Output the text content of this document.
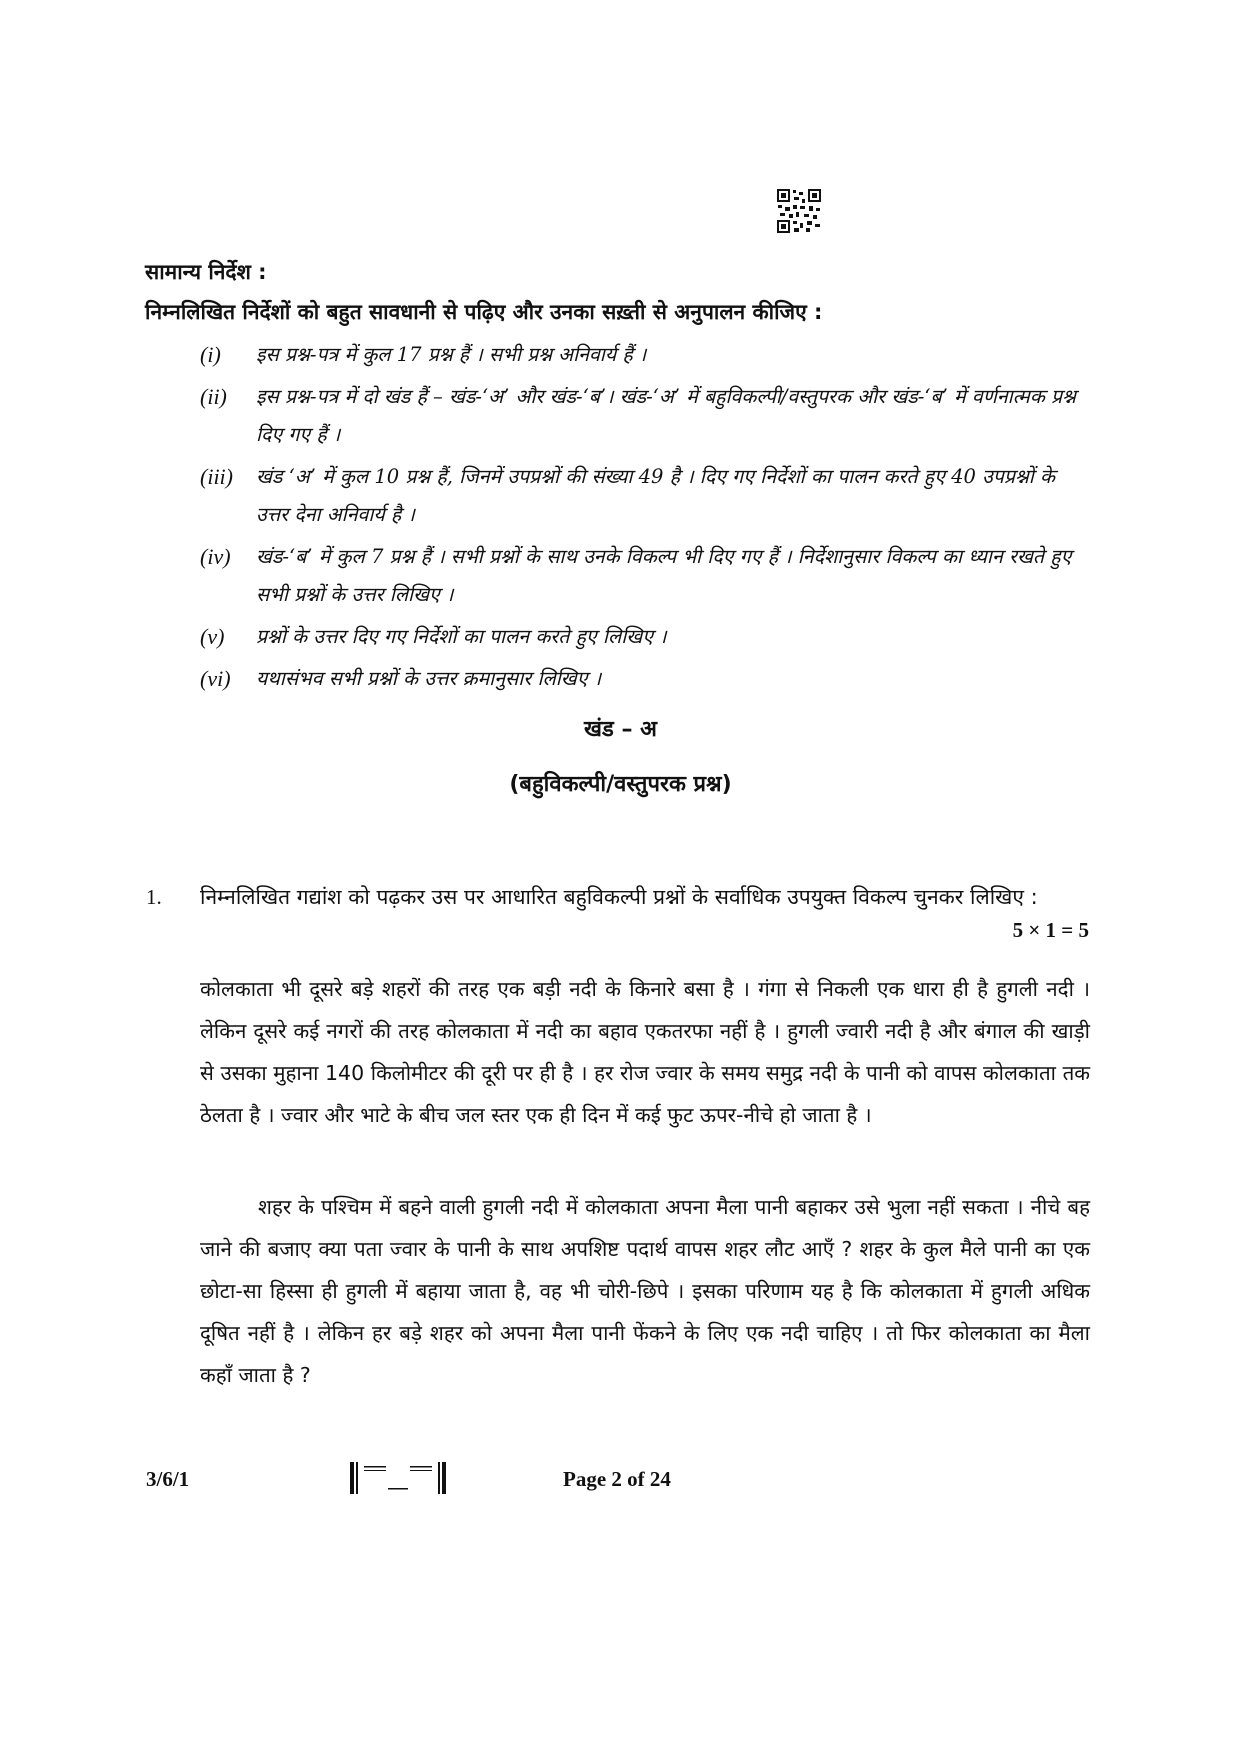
सामान्य निर्देश :
निम्नलिखित निर्देशों को बहुत सावधानी से पढ़िए और उनका सख़्ती से अनुपालन कीजिए :
(i)	इस प्रश्न-पत्र में कुल 17 प्रश्न हैं । सभी प्रश्न अनिवार्य हैं ।
(ii)	इस प्रश्न-पत्र में दो खंड हैं – खंड-‘अ’ और खंड-‘ब’। खंड-‘अ’ में बहुविकल्पी/वस्तुपरक और खंड-‘ब’ में वर्णनात्मक प्रश्न दिए गए हैं ।
(iii)	खंड ‘अ’ में कुल 10 प्रश्न हैं, जिनमें उपप्रश्नों की संख्या 49 है । दिए गए निर्देशों का पालन करते हुए 40 उपप्रश्नों के उत्तर देना अनिवार्य है ।
(iv)	खंड-‘ब’ में कुल 7 प्रश्न हैं । सभी प्रश्नों के साथ उनके विकल्प भी दिए गए हैं । निर्देशानुसार विकल्प का ध्यान रखते हुए सभी प्रश्नों के उत्तर लिखिए ।
(v)	प्रश्नों के उत्तर दिए गए निर्देशों का पालन करते हुए लिखिए ।
(vi)	यथासंभव सभी प्रश्नों के उत्तर क्रमानुसार लिखिए ।
खंड – अ
(बहुविकल्पी/वस्तुपरक प्रश्न)
1. निम्नलिखित गद्यांश को पढ़कर उस पर आधारित बहुविकल्पी प्रश्नों के सर्वाधिक उपयुक्त विकल्प चुनकर लिखिए :
5 × 1 = 5

कोलकाता भी दूसरे बड़े शहरों की तरह एक बड़ी नदी के किनारे बसा है । गंगा से निकली एक धारा ही है हुगली नदी । लेकिन दूसरे कई नगरों की तरह कोलकाता में नदी का बहाव एकतरफा नहीं है । हुगली ज्वारी नदी है और बंगाल की खाड़ी से उसका मुहाना 140 किलोमीटर की दूरी पर ही है । हर रोज ज्वार के समय समुद्र नदी के पानी को वापस कोलकाता तक ठेलता है । ज्वार और भाटे के बीच जल स्तर एक ही दिन में कई फुट ऊपर-नीचे हो जाता है ।

शहर के पश्चिम में बहने वाली हुगली नदी में कोलकाता अपना मैला पानी बहाकर उसे भुला नहीं सकता । नीचे बह जाने की बजाए क्या पता ज्वार के पानी के साथ अपशिष्ट पदार्थ वापस शहर लौट आएँ ? शहर के कुल मैले पानी का एक छोटा-सा हिस्सा ही हुगली में बहाया जाता है, वह भी चोरी-छिपे । इसका परिणाम यह है कि कोलकाता में हुगली अधिक दूषित नहीं है । लेकिन हर बड़े शहर को अपना मैला पानी फेंकने के लिए एक नदी चाहिए । तो फिर कोलकाता का मैला कहाँ जाता है ?

3/6/1	Page 2 of 24
